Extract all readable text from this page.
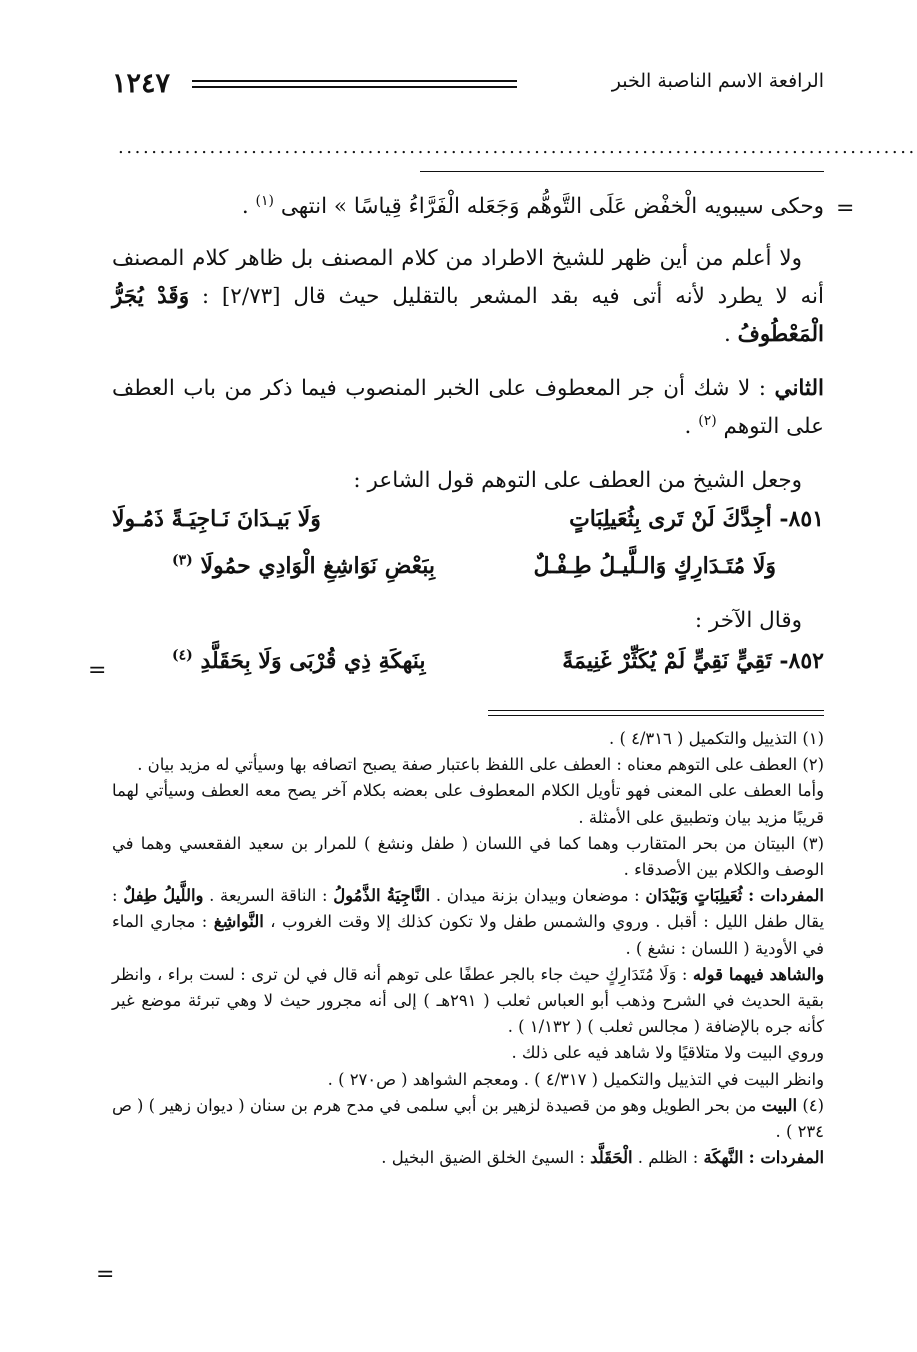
١٢٤٧	الرافعة الاسم الناصبة الخبر
................................................................................................
=
وحكى سيبويه الْخفْض عَلَى التَّوهُّم وَجَعَله الْفَرَّاءُ قِياسًا » انتهى $^{(١)}$ .
ولا أعلم من أين ظهر للشيخ الاطراد من كلام المصنف بل ظاهر كلام المصنف أنه لا يطرد لأنه أتى فيه بقد المشعر بالتقليل حيث قال [٢/٧٣] : وَقَدْ يُجَرُّ الْمَعْطُوفُ .
الثاني : لا شك أن جر المعطوف على الخبر المنصوب فيما ذكر من باب العطف على التوهم $^{(٢)}$ .
وجعل الشيخ من العطف على التوهم قول الشاعر :
٨٥١- أجِدَّكَ لَنْ تَرى بِثُعَيلِبَاتٍ
وَلَا بَيـدَانَ نَـاجِيَـةً ذَمُـولَا
وَلَا مُتَـدَارِكٍ وَالـلَّيـلُ طِـفْـلٌ
بِبَعْضِ نَوَاشِغِ الْوَادِي حمُولَا $^{(٣)}$
وقال الآخر :
٨٥٢- تَقِيٍّ نَقِيٍّ لَمْ يُكَثِّرْ غَنِيمَةً
بِنَهكَةِ ذِي قُرْبَى وَلَا بِحَقَلَّدِ $^{(٤)}$
=

(١) التذييل والتكميل ( ٤/٣١٦ ) .

(٢) العطف على التوهم معناه : العطف على اللفظ باعتبار صفة يصبح اتصافه بها وسيأتي له مزيد بيان .

وأما العطف على المعنى فهو تأويل الكلام المعطوف على بعضه بكلام آخر يصح معه العطف وسيأتي لهما قريبًا مزيد بيان وتطبيق على الأمثلة .

(٣) البيتان من بحر المتقارب وهما كما في اللسان ( طفل ونشغ ) للمرار بن سعيد الفقعسي وهما في الوصف والكلام بين الأصدقاء .

المفردات : ثُعَيلِبَاتٍ وَبَيْدَان : موضعان وبيدان بزنة ميدان . النَّاجِيَةُ الذَّمُولُ : الناقة السريعة . واللَّيلُ طِفلٌ : يقال طفل الليل : أقبل . وروي والشمس طفل ولا تكون كذلك إلا وقت الغروب ، النَّواشِغ : مجاري الماء في الأودية ( اللسان : نشغ ) .

والشاهد فيهما قوله : وَلَا مُتَدَارِكٍ حيث جاء بالجر عطفًا على توهم أنه قال في لن ترى : لست براء ، وانظر بقية الحديث في الشرح وذهب أبو العباس ثعلب ( ٢٩١هـ ) إلى أنه مجرور حيث لا وهي تبرئة موضع غير كأنه جره بالإضافة ( مجالس ثعلب ) ( ١/١٣٢ ) .

وروي البيت ولا متلاقيًا ولا شاهد فيه على ذلك .

وانظر البيت في التذييل والتكميل ( ٤/٣١٧ ) . ومعجم الشواهد ( ص٢٧٠ ) .

(٤) البيت من بحر الطويل وهو من قصيدة لزهير بن أبي سلمى في مدح هرم بن سنان ( ديوان زهير ) ( ص ٢٣٤ ) .

المفردات : النَّهكَة : الظلم . الْحَقَلَّد : السيئ الخلق الضيق البخيل .

=
